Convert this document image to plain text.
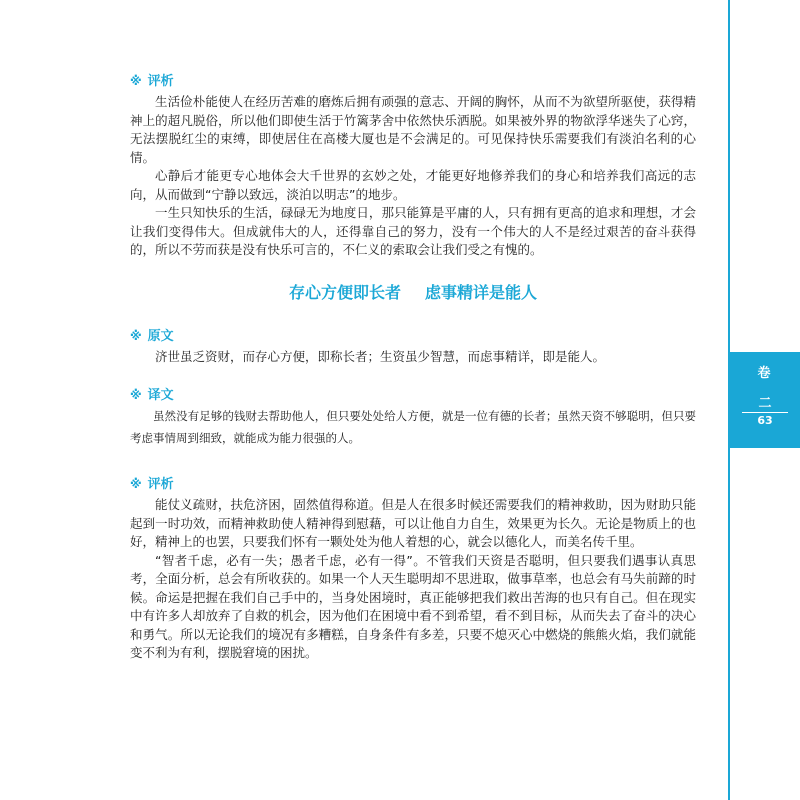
卷
二
63
※ 评析

生活俭朴能使人在经历苦难的磨炼后拥有顽强的意志、开阔的胸怀，从而不为欲望所驱使，获得精神上的超凡脱俗，所以他们即使生活于竹篱茅舍中依然快乐洒脱。如果被外界的物欲浮华迷失了心窍，无法摆脱红尘的束缚，即使居住在高楼大厦也是不会满足的。可见保持快乐需要我们有淡泊名利的心情。

心静后才能更专心地体会大千世界的玄妙之处，才能更好地修养我们的身心和培养我们高远的志向，从而做到“宁静以致远，淡泊以明志”的地步。

一生只知快乐的生活，碌碌无为地度日，那只能算是平庸的人，只有拥有更高的追求和理想，才会让我们变得伟大。但成就伟大的人，还得靠自己的努力，没有一个伟大的人不是经过艰苦的奋斗获得的，所以不劳而获是没有快乐可言的，不仁义的索取会让我们受之有愧的。

存心方便即长者 虑事精详是能人
※ 原文

济世虽乏资财，而存心方便，即称长者；生资虽少智慧，而虑事精详，即是能人。

※ 译文

虽然没有足够的钱财去帮助他人，但只要处处给人方便，就是一位有德的长者；虽然天资不够聪明，但只要考虑事情周到细致，就能成为能力很强的人。

※ 评析

能仗义疏财，扶危济困，固然值得称道。但是人在很多时候还需要我们的精神救助，因为财助只能起到一时功效，而精神救助使人精神得到慰藉，可以让他自力自生，效果更为长久。无论是物质上的也好，精神上的也罢，只要我们怀有一颗处处为他人着想的心，就会以德化人，而美名传千里。

“智者千虑，必有一失；愚者千虑，必有一得”。不管我们天资是否聪明，但只要我们遇事认真思考，全面分析，总会有所收获的。如果一个人天生聪明却不思进取，做事草率，也总会有马失前蹄的时候。命运是把握在我们自己手中的，当身处困境时，真正能够把我们救出苦海的也只有自己。但在现实中有许多人却放弃了自救的机会，因为他们在困境中看不到希望，看不到目标，从而失去了奋斗的决心和勇气。所以无论我们的境况有多糟糕，自身条件有多差，只要不熄灭心中燃烧的熊熊火焰，我们就能变不利为有利，摆脱窘境的困扰。
